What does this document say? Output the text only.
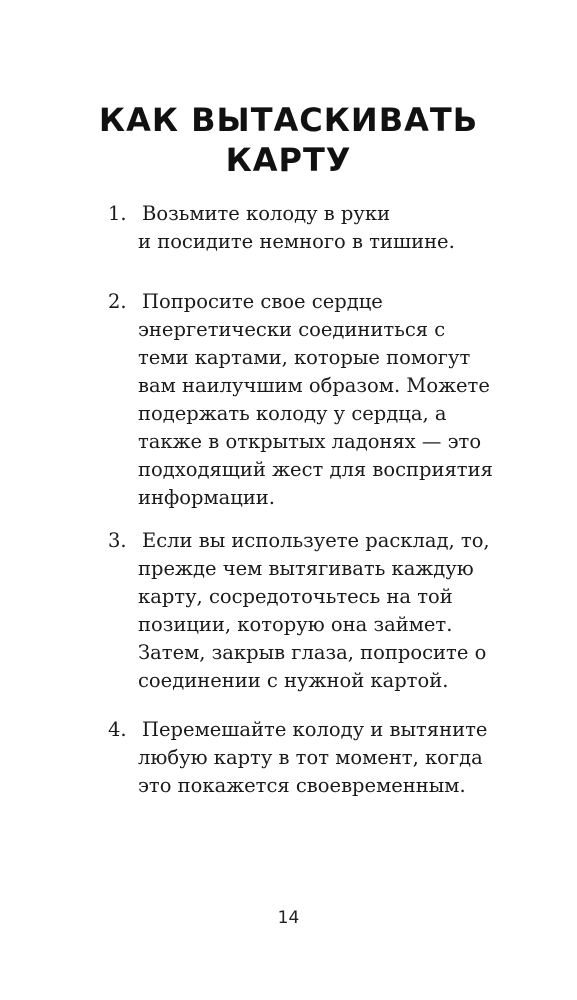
КАК ВЫТАСКИВАТЬ
КАРТУ
1. Возьмите колоду в руки
и посидите немного в тишине.
2. Попросите свое сердце
энергетически соединиться с
теми картами, которые помогут
вам наилучшим образом. Можете
подержать колоду у сердца, а
также в открытых ладонях — это
подходящий жест для восприятия
информации.
3. Если вы используете расклад, то,
прежде чем вытягивать каждую
карту, сосредоточьтесь на той
позиции, которую она займет.
Затем, закрыв глаза, попросите о
соединении с нужной картой.
4. Перемешайте колоду и вытяните
любую карту в тот момент, когда
это покажется своевременным.
14
